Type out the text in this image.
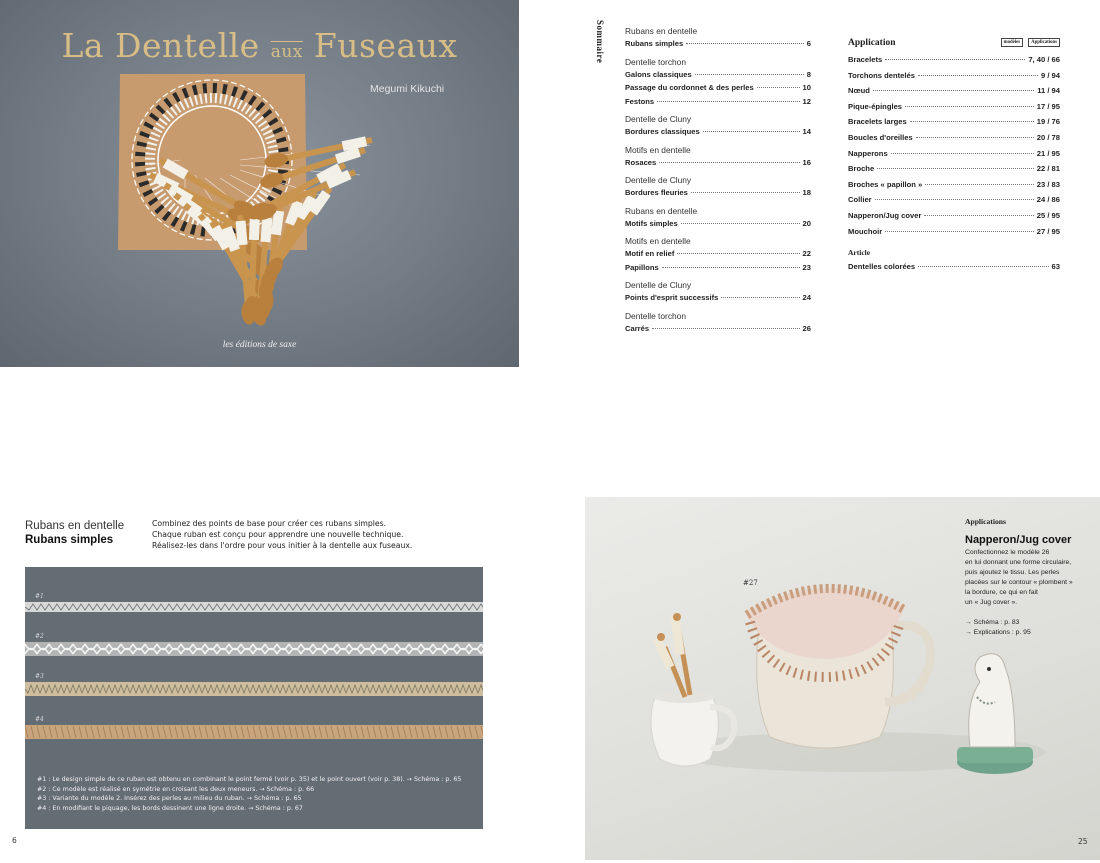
La Dentelle $\overline{aux}$ Fuseaux
Megumi Kikuchi
les éditions de saxe
Sommaire Rubans en dentelle
Rubans simples	6
Dentelle torchon
Galons classiques	8
Passage du cordonnet & des perles	10
Festons	12
Dentelle de Cluny
Bordures classiques	14
Motifs en dentelle
Rosaces	16
Dentelle de Cluny
Bordures fleuries	18
Rubans en dentelle
Motifs simples	20
Motifs en dentelle
Motif en relief	22
Papillons	23
Dentelle de Cluny
Points d'esprit successifs	24
Dentelle torchon
Carrés	26
Application	modèles	Applications
Bracelets	7, 40 / 66
Torchons dentelés	9 / 94
Nœud	11 / 94
Pique-épingles	17 / 95
Bracelets larges	19 / 76
Boucles d'oreilles	20 / 78
Napperons	21 / 95
Broche	22 / 81
Broches « papillon »	23 / 83
Collier	24 / 86
Napperon/Jug cover	25 / 95
Mouchoir	27 / 95
Article
Dentelles colorées	63
Rubans en dentelle
Rubans simples
Combinez des points de base pour créer ces rubans simples.
Chaque ruban est conçu pour apprendre une nouvelle technique.
Réalisez-les dans l'ordre pour vous initier à la dentelle aux fuseaux.
#1
#2
#3
#4
#1 : Le design simple de ce ruban est obtenu en combinant le point fermé (voir p. 35) et le point ouvert (voir p. 38). → Schéma : p. 65
#2 : Ce modèle est réalisé en symétrie en croisant les deux meneurs. → Schéma : p. 66
#3 : Variante du modèle 2. Insérez des perles au milieu du ruban. → Schéma : p. 65
#4 : En modifiant le piquage, les bords dessinent une ligne droite. → Schéma : p. 67
6
#27
Applications
Napperon/Jug cover
Confectionnez le modèle 26
en lui donnant une forme circulaire,
puis ajoutez le tissu. Les perles
placées sur le contour « plombent »
la bordure, ce qui en fait
un « Jug cover ».
→ Schéma : p. 83
→ Explications : p. 95
25
